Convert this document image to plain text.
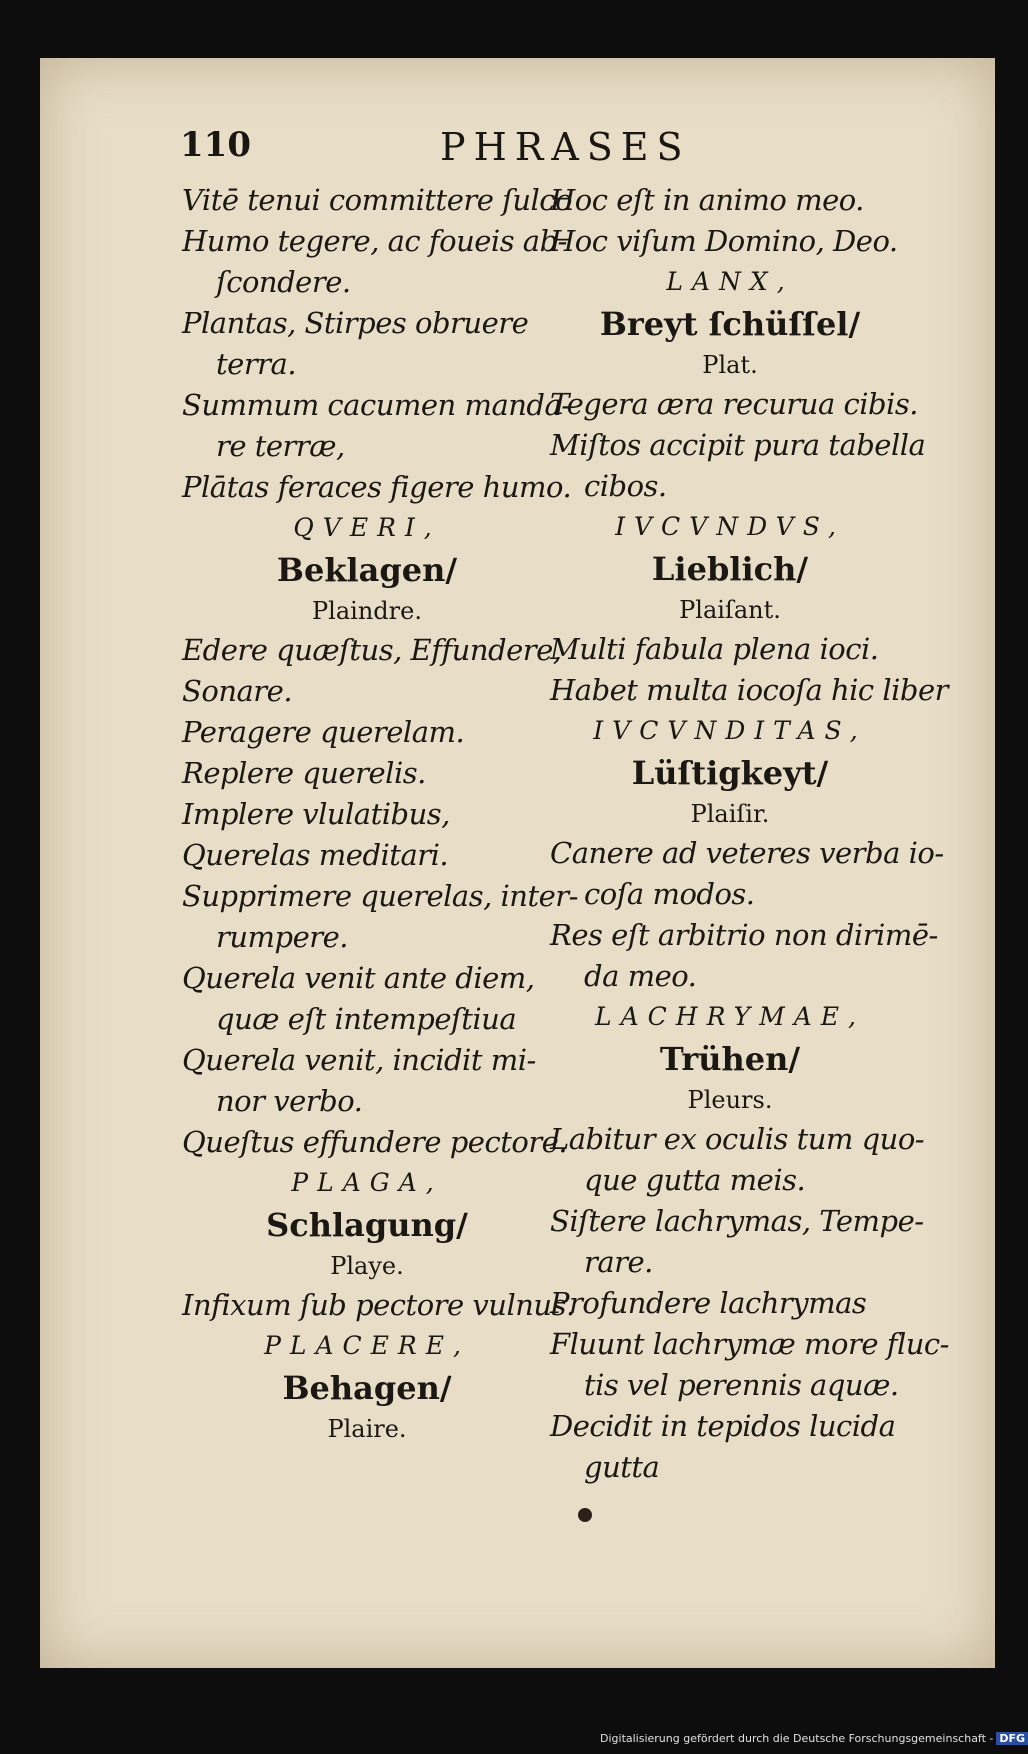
110	PHRASES
Vitē tenui committere ſulco
Humo tegere, ac foueis ab-
ſcondere.
Plantas, Stirpes obruere
terra.
Summum cacumen manda-
re terræ,
Plātas feraces figere humo.
QVERI,
Beklagen/
Plaindre.
Edere quæſtus, Effundere,
Sonare.
Peragere querelam.
Replere querelis.
Implere vlulatibus,
Querelas meditari.
Supprimere querelas, inter-
rumpere.
Querela venit ante diem,
quæ eſt intempeſtiua
Querela venit, incidit mi-
nor verbo.
Queſtus effundere pectore.
PLAGA,
Schlagung/
Playe.
Infixum ſub pectore vulnus.
PLACERE,
Behagen/
Plaire.
Hoc eſt in animo meo.
Hoc viſum Domino, Deo.
LANX,
Breyt ſchüſſel/
Plat.
Tegera æra recurua cibis.
Miſtos accipit pura tabella
cibos.
IVCVNDVS,
Lieblich/
Plaiſant.
Multi fabula plena ioci.
Habet multa iocoſa hic liber
IVCVNDITAS,
Lüſtigkeyt/
Plaiſir.
Canere ad veteres verba io-
coſa modos.
Res eſt arbitrio non dirimē-
da meo.
LACHRYMAE,
Trühen/
Pleurs.
Labitur ex oculis tum quo-
que gutta meis.
Siſtere lachrymas, Tempe-
rare.
Profundere lachrymas
Fluunt lachrymæ more fluc-
tis vel perennis aquæ.
Decidit in tepidos lucida
gutta
Digitalisierung gefördert durch die Deutsche Forschungsgemeinschaft - DFG
